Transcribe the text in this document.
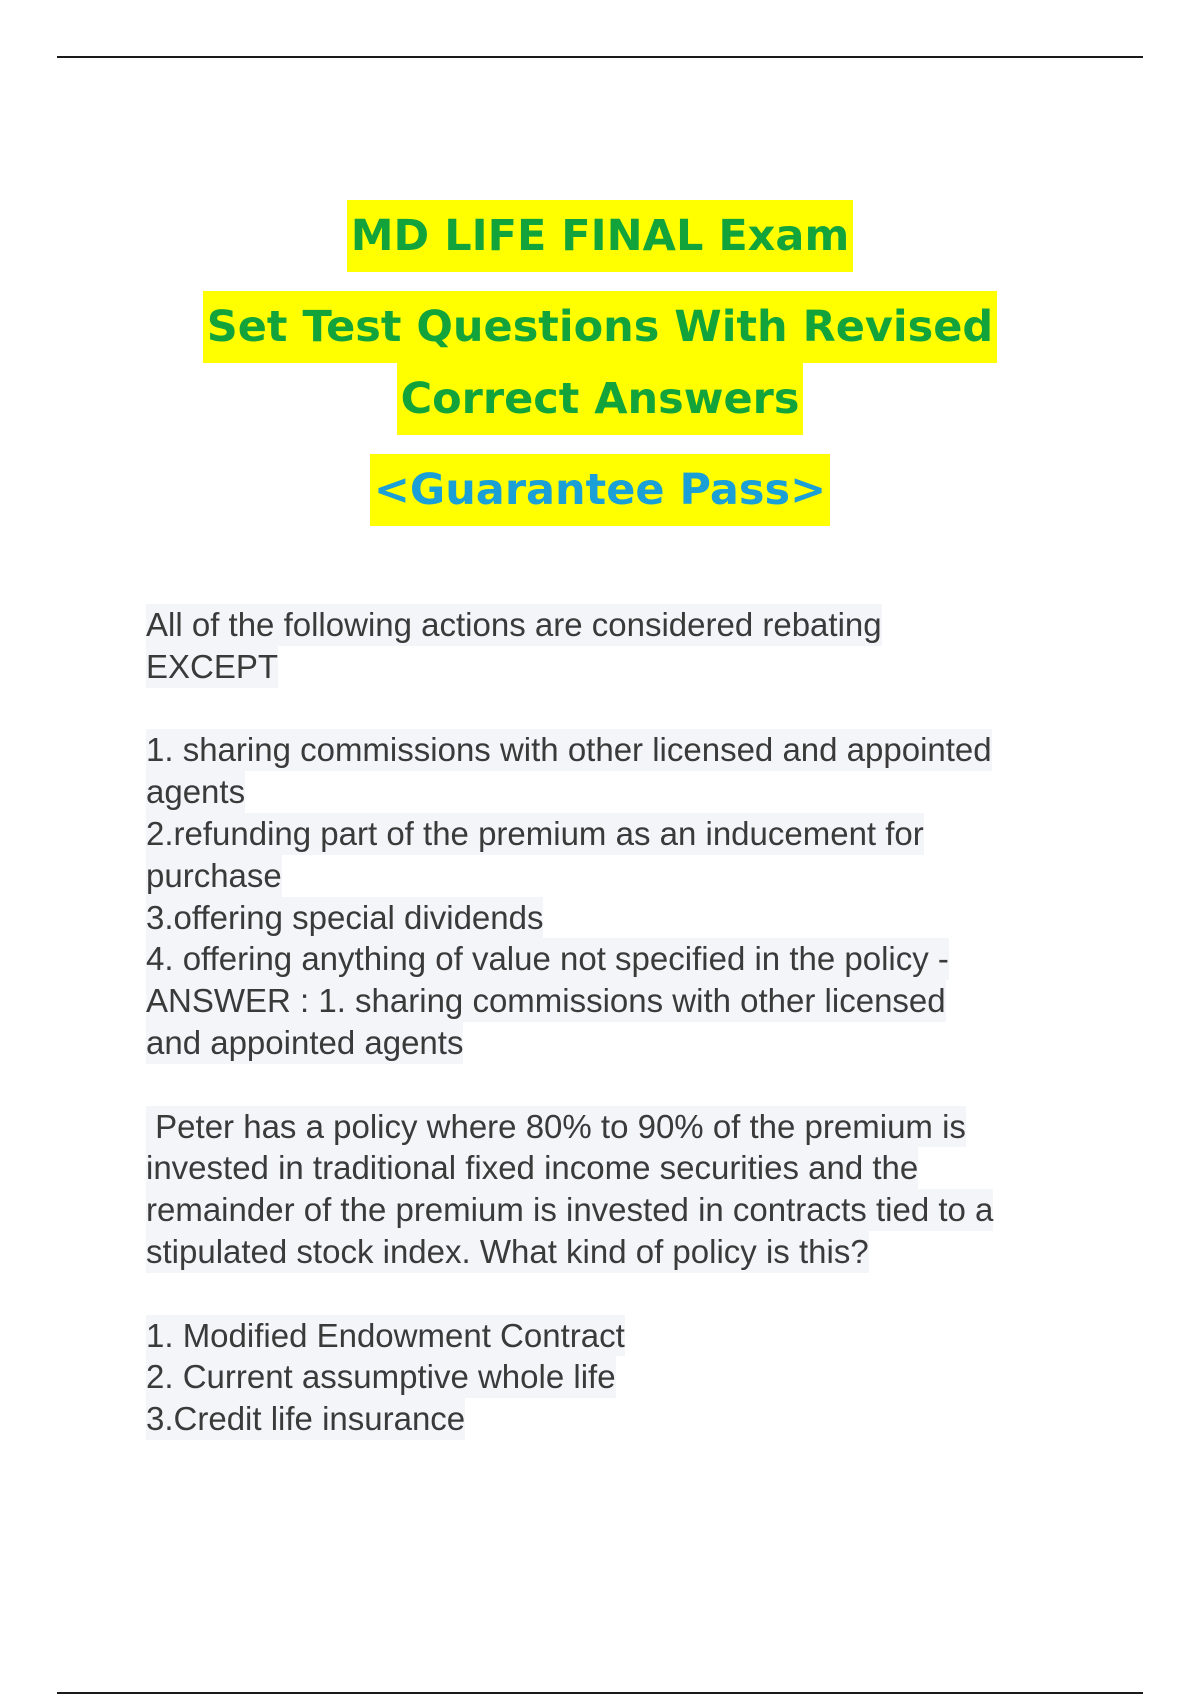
MD LIFE FINAL Exam
Set Test Questions With Revised
Correct Answers
<Guarantee Pass>
All of the following actions are considered rebating
EXCEPT
1. sharing commissions with other licensed and appointed
agents
2.refunding part of the premium as an inducement for
purchase
3.offering special dividends
4. offering anything of value not specified in the policy -
ANSWER : 1. sharing commissions with other licensed
and appointed agents
Peter has a policy where 80% to 90% of the premium is
invested in traditional fixed income securities and the
remainder of the premium is invested in contracts tied to a
stipulated stock index. What kind of policy is this?
1. Modified Endowment Contract
2. Current assumptive whole life
3.Credit life insurance
